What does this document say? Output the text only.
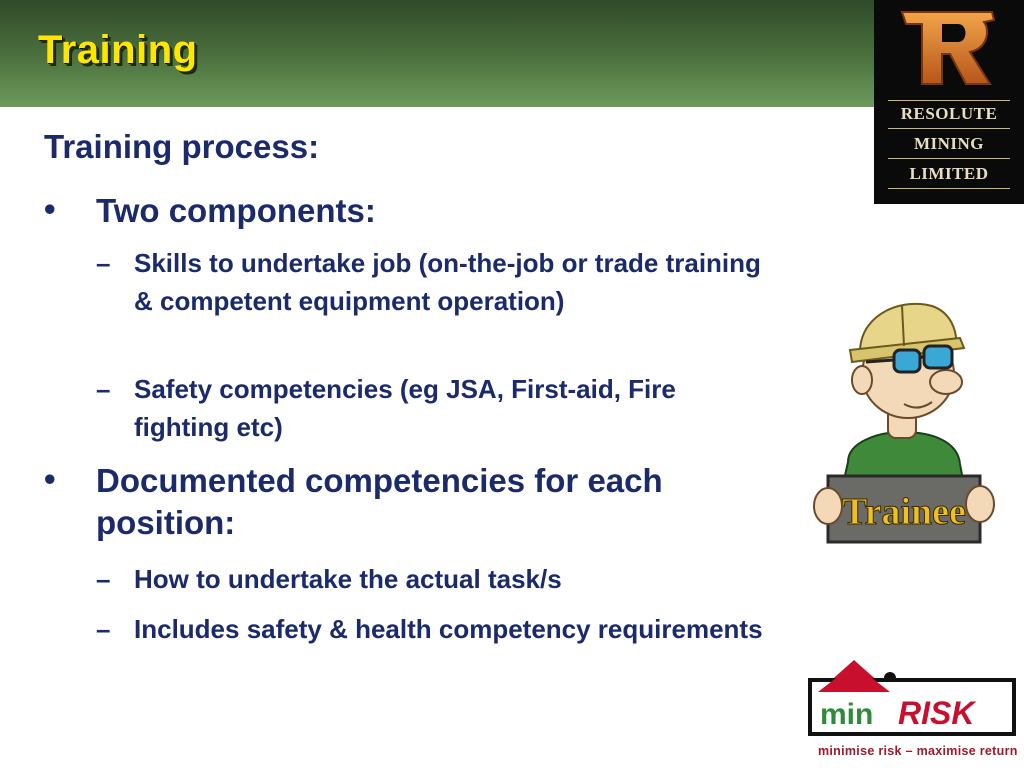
Training
RESOLUTE
MINING
LIMITED
Training process:
• Two components:
– Skills to undertake job (on-the-job or trade training & competent equipment operation)
– Safety competencies (eg JSA, First-aid, Fire fighting etc)
• Documented competencies for each position:
– How to undertake the actual task/s
– Includes safety & health competency requirements
Trainee
min RISK
minimise risk – maximise return
